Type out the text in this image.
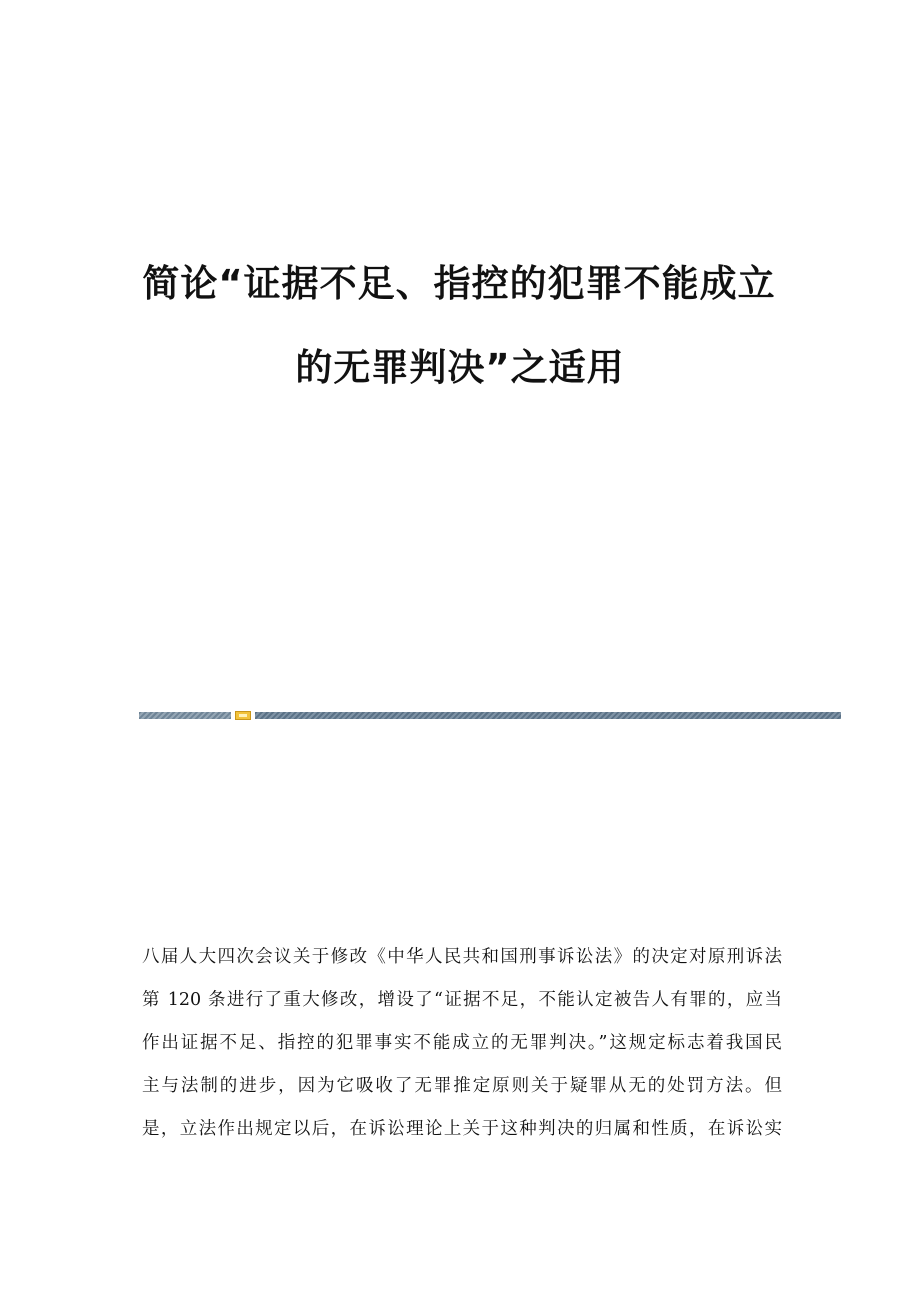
简论“证据不足、指控的犯罪不能成立
的无罪判决”之适用
八届人大四次会议关于修改《中华人民共和国刑事诉讼法》的决定对原刑诉法
第 120 条进行了重大修改，增设了“证据不足，不能认定被告人有罪的，应当
作出证据不足、指控的犯罪事实不能成立的无罪判决。”这规定标志着我国民
主与法制的进步，因为它吸收了无罪推定原则关于疑罪从无的处罚方法。但
是，立法作出规定以后，在诉讼理论上关于这种判决的归属和性质，在诉讼实
